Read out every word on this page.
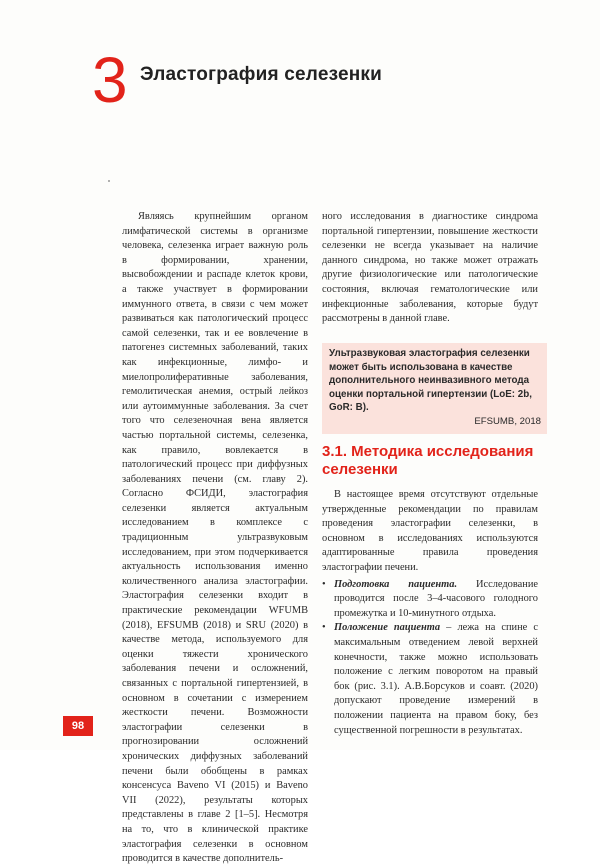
3 Эластография селезенки

Являясь крупнейшим органом лимфатической системы в организме человека, селезенка играет важную роль в формировании, хранении, высвобождении и распаде клеток крови, а также участвует в формировании иммунного ответа, в связи с чем может развиваться как патологический процесс самой селезенки, так и ее вовлечение в патогенез системных заболеваний, таких как инфекционные, лимфо- и миелопролиферативные заболевания, гемолитическая анемия, острый лейкоз или аутоиммунные заболевания. За счет того что селезеночная вена является частью портальной системы, селезенка, как правило, вовлекается в патологический процесс при диффузных заболеваниях печени (см. главу 2). Согласно ФСИДИ, эластография селезенки является актуальным исследованием в комплексе с традиционным ультразвуковым исследованием, при этом подчеркивается актуальность использования именно количественного анализа эластографии. Эластография селезенки входит в практические рекомендации WFUMB (2018), EFSUMB (2018) и SRU (2020) в качестве метода, используемого для оценки тяжести хронического заболевания печени и осложнений, связанных с портальной гипертензией, в основном в сочетании с измерением жесткости печени. Возможности эластографии селезенки в прогнозировании осложнений хронических диффузных заболеваний печени были обобщены в рамках консенсуса Baveno VI (2015) и Baveno VII (2022), результаты которых представлены в главе 2 [1–5]. Несмотря на то, что в клинической практике эластография селезенки в основном проводится в качестве дополнитель-

ного исследования в диагностике синдрома портальной гипертензии, повышение жесткости селезенки не всегда указывает на наличие данного синдрома, но также может отражать другие физиологические или патологические состояния, включая гематологические или инфекционные заболевания, которые будут рассмотрены в данной главе.

Ультразвуковая эластография селезенки может быть использована в качестве дополнительного неинвазивного метода оценки портальной гипертензии (LoE: 2b, GoR: B).
EFSUMB, 2018
3.1. Методика исследования селезенки

В настоящее время отсутствуют отдельные утвержденные рекомендации по правилам проведения эластографии селезенки, в основном в исследованиях используются адаптированные правила проведения эластографии печени.

• Подготовка пациента. Исследование проводится после 3–4-часового голодного промежутка и 10-минутного отдыха.
• Положение пациента – лежа на спине с максимальным отведением левой верхней конечности, также можно использовать положение с легким поворотом на правый бок (рис. 3.1). А.В.Борсуков и соавт. (2020) допускают проведение измерений в положении пациента на правом боку, без существенной погрешности в результатах.
98
